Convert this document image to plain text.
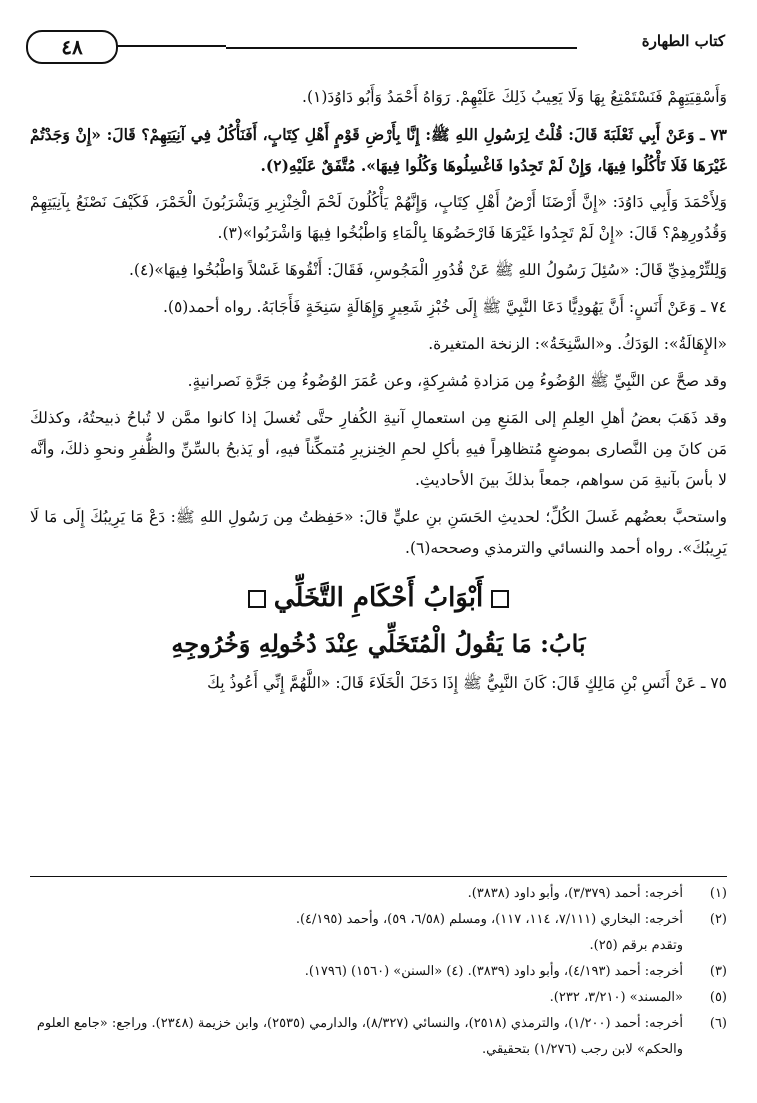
كتاب الطهارة
٤٨

وَأَسْقِيَتِهِمْ فَنَسْتَمْتِعُ بِهَا وَلَا يَعِيبُ ذَلِكَ عَلَيْهِمْ. رَوَاهُ أَحْمَدُ وَأَبُو دَاوُدَ(١).

٧٣ ـ وَعَنْ أَبِي ثَعْلَبَةَ قَالَ: قُلْتُ لِرَسُولِ اللهِ ﷺ: إِنَّا بِأَرْضِ قَوْمٍ أَهْلِ كِتَابٍ، أَفَنَأْكُلُ فِي آنِيَتِهِمْ؟ قَالَ: «إِنْ وَجَدْتُمْ غَيْرَهَا فَلَا تَأْكُلُوا فِيهَا، وَإِنْ لَمْ تَجِدُوا فَاغْسِلُوهَا وَكُلُوا فِيهَا». مُتَّفَقٌ عَلَيْهِ(٢).

وَلِأَحْمَدَ وَأَبِي دَاوُدَ: «إِنَّ أَرْضَنَا أَرْضُ أَهْلِ كِتَابٍ، وَإِنَّهُمْ يَأْكُلُونَ لَحْمَ الْخِنْزِيرِ وَيَشْرَبُونَ الْخَمْرَ، فَكَيْفَ نَصْنَعُ بِآنِيَتِهِمْ وَقُدُورِهِمْ؟ قَالَ: «إِنْ لَمْ تَجِدُوا غَيْرَهَا فَارْحَضُوهَا بِالْمَاءِ وَاطْبُخُوا فِيهَا وَاشْرَبُوا»(٣).

وَلِلتِّرْمِذِيِّ قَالَ: «سُئِلَ رَسُولُ اللهِ ﷺ عَنْ قُدُورِ الْمَجُوسِ، فَقَالَ: أَنْقُوهَا غَسْلاً وَاطْبُخُوا فِيهَا»(٤).

٧٤ ـ وَعَنْ أَنَسٍ: أَنَّ يَهُودِيًّا دَعَا النَّبِيَّ ﷺ إِلَى خُبْزِ شَعِيرٍ وَإِهَالَةٍ سَنِخَةٍ فَأَجَابَهُ. رواه أحمد(٥).

«الإِهَالَةُ»: الوَدَكُ. و«السَّنِخَةُ»: الزنخة المتغيرة.

وقد صحَّ عن النَّبِيِّ ﷺ الوُضُوءُ مِن مَزادةِ مُشرِكةٍ، وعن عُمَرَ الوُضُوءُ مِن جَرَّةِ نَصرانيةٍ.

وقد ذَهَبَ بعضُ أهلِ العِلمِ إلى المَنعِ مِن استعمالِ آنيةِ الكُفارِ حتَّى تُغسلَ إذا كانوا ممَّن لا تُباحُ ذبيحتُهُ، وكذلكَ مَن كانَ مِن النَّصارى بموضعٍ مُتظاهِراً فيهِ بأكلِ لحمِ الخِنزيرِ مُتمكِّناً فيهِ، أو يَذبحُ بالسِّنِّ والظُّفرِ ونحوِ ذلكَ، وأنَّه لا بأسَ بآنيةِ مَن سواهم، جمعاً بذلكَ بينَ الأحاديثِ.

واستحبَّ بعضُهم غَسلَ الكُلِّ؛ لحديثِ الحَسَنِ بنِ عليٍّ قالَ: «حَفِظتُ مِن رَسُولِ اللهِ ﷺ: دَعْ مَا يَرِيبُكَ إِلَى مَا لَا يَرِيبُكَ». رواه أحمد والنسائي والترمذي وصححه(٦).

أَبْوَابُ أَحْكَامِ التَّخَلِّي
بَابُ: مَا يَقُولُ الْمُتَخَلِّي عِنْدَ دُخُولِهِ وَخُرُوجِهِ

٧٥ ـ عَنْ أَنَسِ بْنِ مَالِكٍ قَالَ: كَانَ النَّبِيُّ ﷺ إِذَا دَخَلَ الْخَلَاءَ قَالَ: «اللَّهُمَّ إِنِّي أَعُوذُ بِكَ

(١)
أخرجه: أحمد (٣/٣٧٩)، وأبو داود (٣٨٣٨).
(٢)
أخرجه: البخاري (٧/١١١، ١١٤، ١١٧)، ومسلم (٦/٥٨، ٥٩)، وأحمد (٤/١٩٥).
وتقدم برقم (٢٥).
(٣)
أخرجه: أحمد (٤/١٩٣)، وأبو داود (٣٨٣٩). (٤) «السنن» (١٥٦٠) (١٧٩٦).
(٥)
«المسند» (٣/٢١٠، ٢٣٢).
(٦)
أخرجه: أحمد (١/٢٠٠)، والترمذي (٢٥١٨)، والنسائي (٨/٣٢٧)، والدارمي (٢٥٣٥)، وابن خزيمة (٢٣٤٨). وراجع: «جامع العلوم والحكم» لابن رجب (١/٢٧٦) بتحقيقي.
